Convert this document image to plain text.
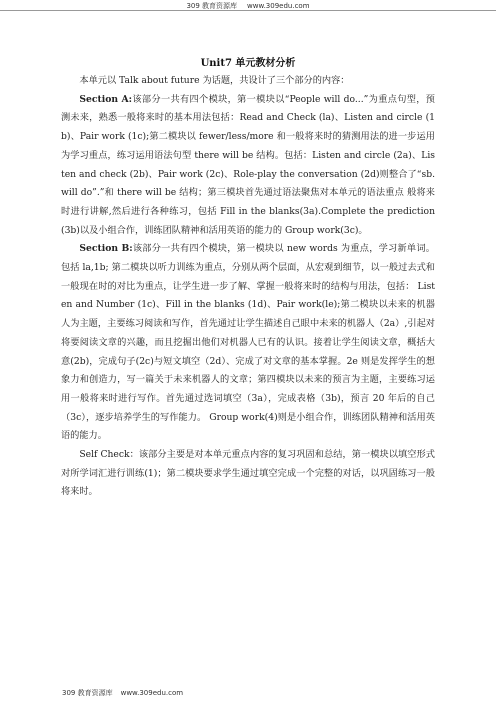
309 教育资源库 www.309edu.com
Unit7 单元教材分析

本单元以 Talk about future 为话题，共设计了三个部分的内容：

Section A:该部分一共有四个模块，第一模块以“People will do...”为重点句型，预测未来，熟悉一般将来时的基本用法包括：Read and Check (la)、Listen and circle (1b)、Pair work (1c);第二模块以 fewer/less/more 和一般将来时的猜测用法的进一步运用为学习重点，练习运用语法句型 there will be 结构。包括：Listen and circle (2a)、Listen and check (2b)、Pair work (2c)、Role-play the conversation (2d)则整合了“sb. will do”.”和 there will be 结构；第三模块首先通过语法聚焦对本单元的语法重点 般将来时进行讲解,然后进行各种练习，包括 Fill in the blanks(3a).Complete the prediction (3b)以及小组合作，训练团队精神和活用英语的能力的 Group work(3c)。

Section B:该部分一共有四个模块，第一模块以 new words 为重点，学习新单词。包括 la,1b; 第二模块以听力训练为重点，分别从两个层面，从宏观到细节，以一般过去式和一般现在时的对比为重点，让学生进一步了解、掌握一般将来时的结构与用法，包括： Listen and Number (1c)、Fill in the blanks (1d)、Pair work(le);第二模块以未来的机器人为主题，主要练习阅读和写作，首先通过让学生描述自己眼中未来的机器人（2a）,引起对将要阅读文章的兴趣，而且挖掘出他们对机器人已有的认识。接着让学生阅读文章，概括大意(2b)，完成句子(2c)与短文填空（2d）、完成了对文章的基本掌握。2e 则是发挥学生的想象力和创造力，写一篇关于未来机器人的文章；第四模块以未来的预言为主题，主要练习运用一般将来时进行写作。首先通过选词填空（3a），完成表格（3b)，预言 20 年后的自己（3c），逐步培养学生的写作能力。 Group work(4)则是小组合作，训练团队精神和活用英语的能力。

Self Check：该部分主要是对本单元重点内容的复习巩固和总结，第一模块以填空形式对所学词汇进行训练(1)；第二模块要求学生通过填空完成一个完整的对话，以巩固练习一般将来时。

309 教育资源库 www.309edu.com
